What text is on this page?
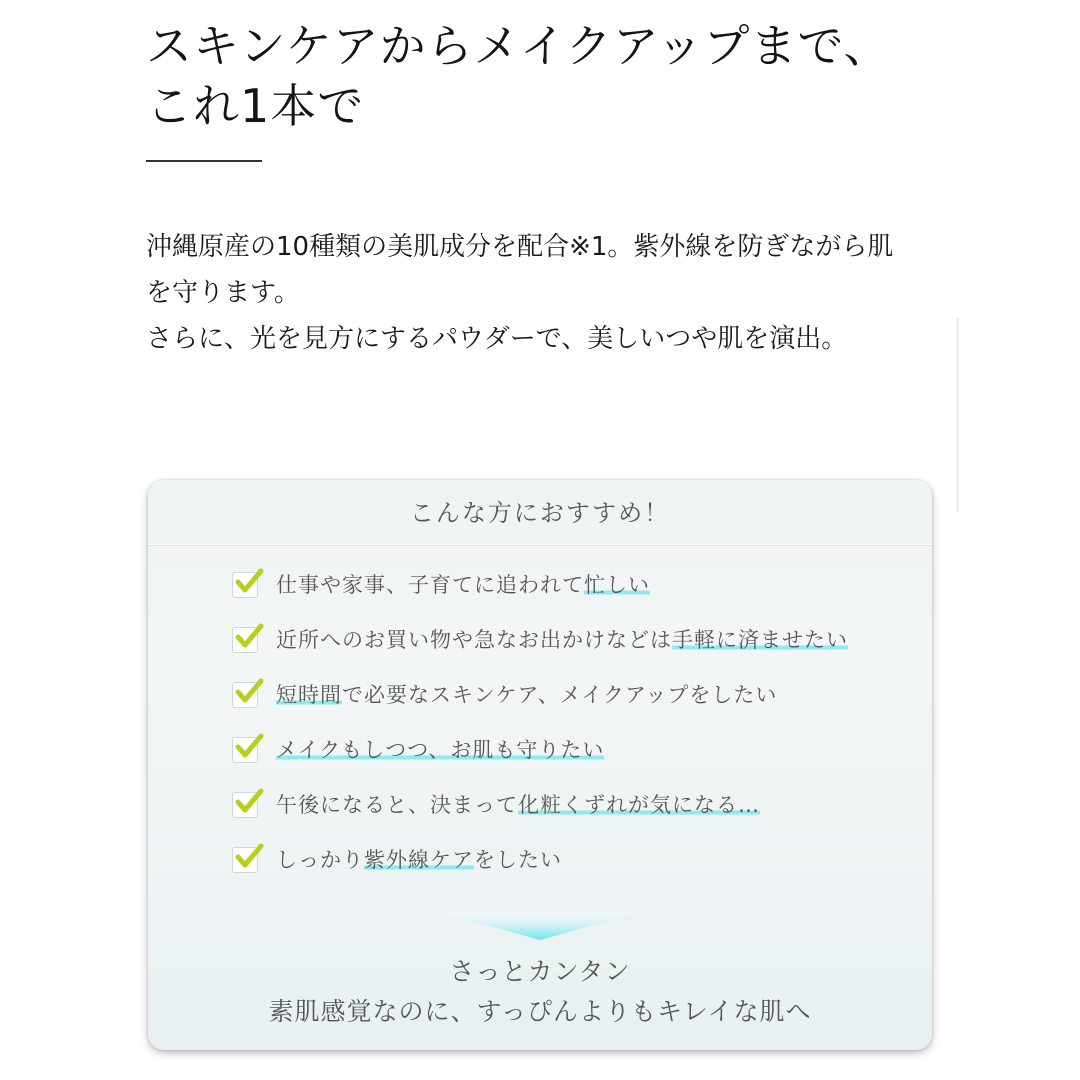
スキンケアからメイクアップまで、
これ1本で
沖縄原産の10種類の美肌成分を配合※1。紫外線を防ぎながら肌
を守ります。
さらに、光を見方にするパウダーで、美しいつや肌を演出。
こんな方におすすめ！
仕事や家事、子育てに追われて忙しい
近所へのお買い物や急なお出かけなどは手軽に済ませたい
短時間で必要なスキンケア、メイクアップをしたい
メイクもしつつ、お肌も守りたい
午後になると、決まって化粧くずれが気になる…
しっかり紫外線ケアをしたい
さっとカンタン
素肌感覚なのに、すっぴんよりもキレイな肌へ
